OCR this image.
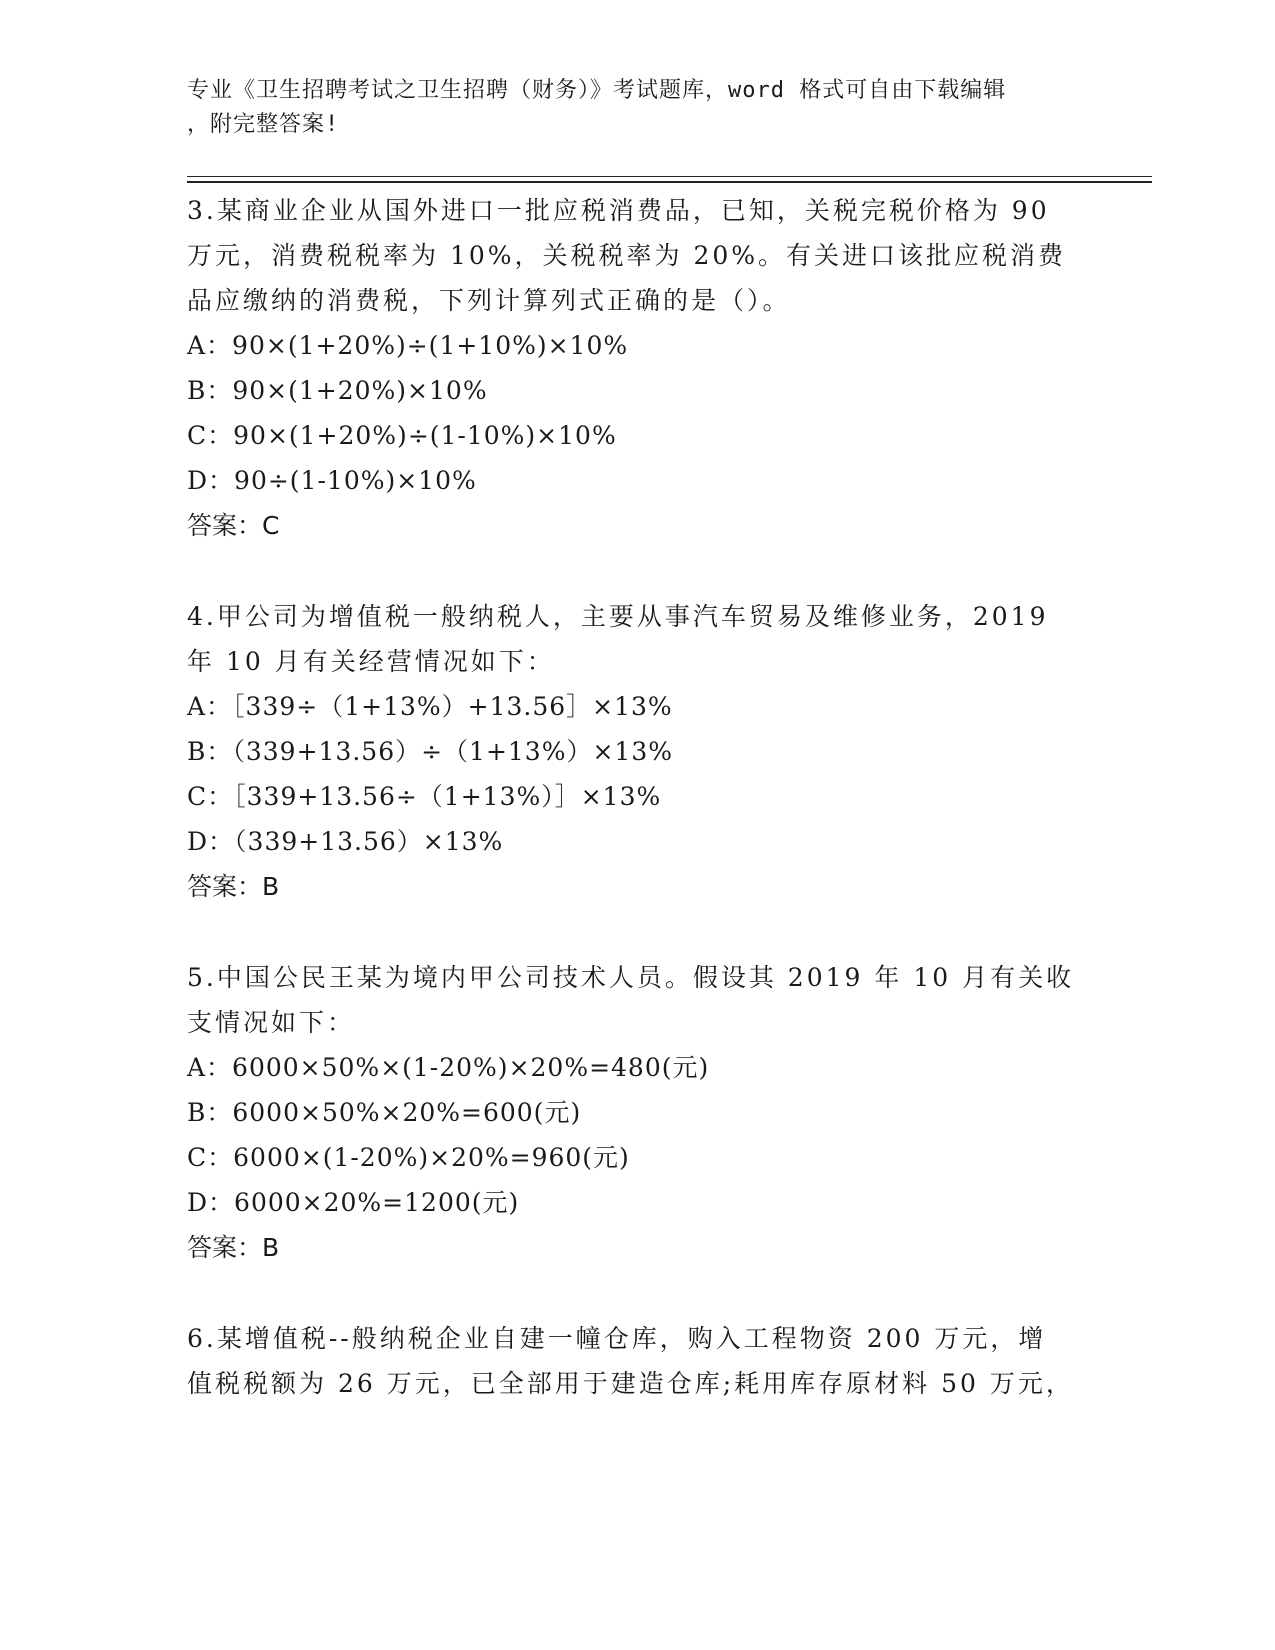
专业《卫生招聘考试之卫生招聘（财务）》考试题库，word 格式可自由下载编辑
，附完整答案!

3.某商业企业从国外进口一批应税消费品，已知，关税完税价格为 90

万元，消费税税率为 10%，关税税率为 20%。有关进口该批应税消费

品应缴纳的消费税，下列计算列式正确的是（）。

A：90×(1+20%)÷(1+10%)×10%

B：90×(1+20%)×10%

C：90×(1+20%)÷(1-10%)×10%

D：90÷(1-10%)×10%

答案：C

4.甲公司为增值税一般纳税人，主要从事汽车贸易及维修业务，2019

年 10 月有关经营情况如下：

A：［339÷（1+13%）+13.56］×13%

B：（339+13.56）÷（1+13%）×13%

C：［339+13.56÷（1+13%）］×13%

D：（339+13.56）×13%

答案：B

5.中国公民王某为境内甲公司技术人员。假设其 2019 年 10 月有关收

支情况如下：

A：6000×50%×(1-20%)×20%=480(元)

B：6000×50%×20%=600(元)

C：6000×(1-20%)×20%=960(元)

D：6000×20%=1200(元)

答案：B

6.某增值税--般纳税企业自建一幢仓库，购入工程物资 200 万元，增

值税税额为 26 万元，已全部用于建造仓库;耗用库存原材料 50 万元，
